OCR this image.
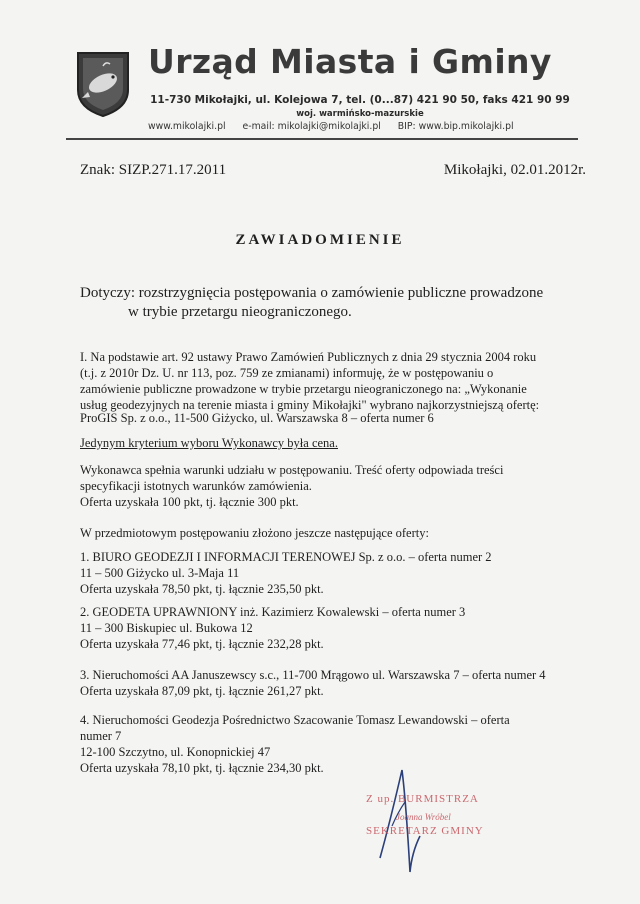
Urząd Miasta i Gminy
11-730 Mikołajki, ul. Kolejowa 7, tel. (0...87) 421 90 50, faks 421 90 99
woj. warmińsko-mazurskie
www.mikolajki.pl e-mail: mikolajki@mikolajki.pl BIP: www.bip.mikolajki.pl
Znak: SIZP.271.17.2011	Mikołajki, 02.01.2012r.
ZAWIADOMIENIE
Dotyczy: rozstrzygnięcia postępowania o zamówienie publiczne prowadzone
w trybie przetargu nieograniczonego.

I. Na podstawie art. 92 ustawy Prawo Zamówień Publicznych z dnia 29 stycznia 2004 roku

(t.j. z 2010r Dz. U. nr 113, poz. 759 ze zmianami) informuję, że w postępowaniu o

zamówienie publiczne prowadzone w trybie przetargu nieograniczonego na: „Wykonanie

usług geodezyjnych na terenie miasta i gminy Mikołajki" wybrano najkorzystniejszą ofertę:

ProGIS Sp. z o.o., 11-500 Giżycko, ul. Warszawska 8 – oferta numer 6

Jedynym kryterium wyboru Wykonawcy była cena.

Wykonawca spełnia warunki udziału w postępowaniu. Treść oferty odpowiada treści

specyfikacji istotnych warunków zamówienia.

Oferta uzyskała 100 pkt, tj. łącznie 300 pkt.

W przedmiotowym postępowaniu złożono jeszcze następujące oferty:

1. BIURO GEODEZJI I INFORMACJI TERENOWEJ Sp. z o.o. – oferta numer 2

11 – 500 Giżycko ul. 3-Maja 11

Oferta uzyskała 78,50 pkt, tj. łącznie 235,50 pkt.

2. GEODETA UPRAWNIONY inż. Kazimierz Kowalewski – oferta numer 3

11 – 300 Biskupiec ul. Bukowa 12

Oferta uzyskała 77,46 pkt, tj. łącznie 232,28 pkt.

3. Nieruchomości AA Januszewscy s.c., 11-700 Mrągowo ul. Warszawska 7 – oferta numer 4

Oferta uzyskała 87,09 pkt, tj. łącznie 261,27 pkt.

4. Nieruchomości Geodezja Pośrednictwo Szacowanie Tomasz Lewandowski – oferta

numer 7

12-100 Szczytno, ul. Konopnickiej 47

Oferta uzyskała 78,10 pkt, tj. łącznie 234,30 pkt.

Z up. BURMISTRZA
Joanna Wróbel
SEKRETARZ GMINY
